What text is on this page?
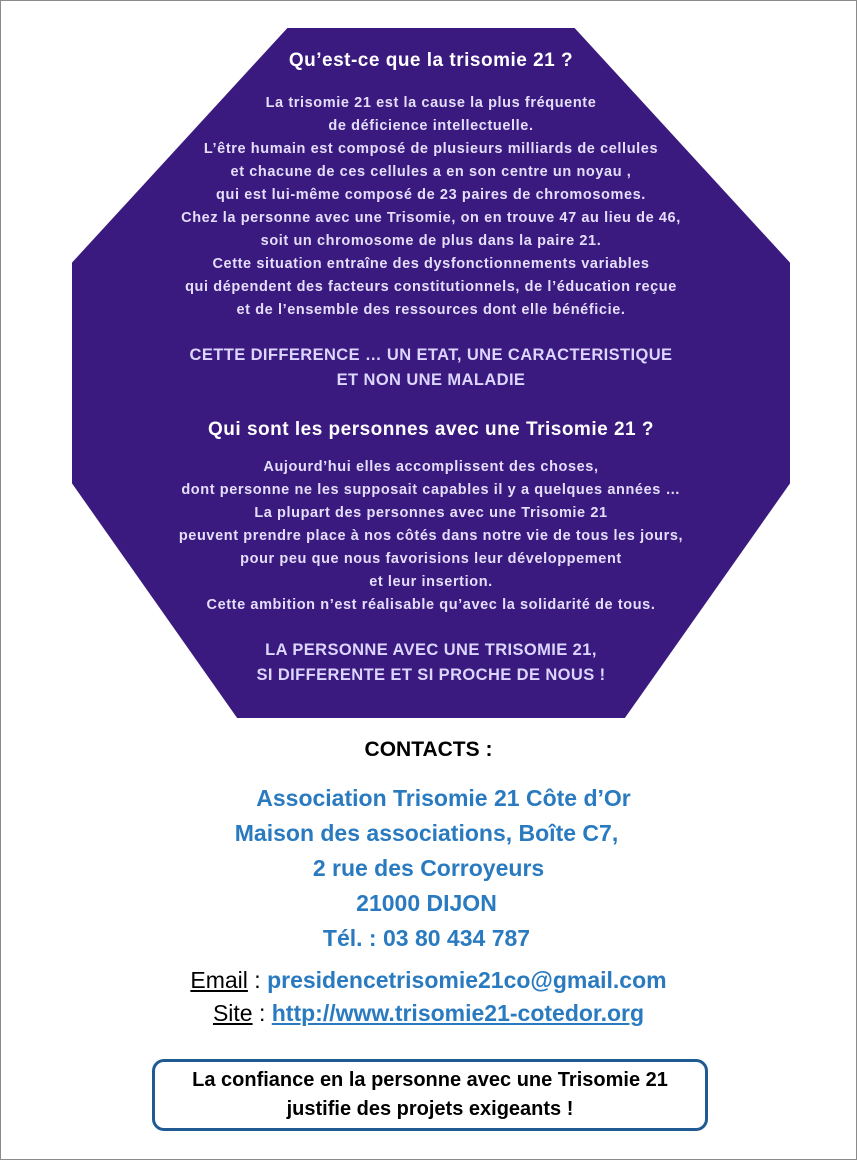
Qu’est-ce que la trisomie 21 ?
La trisomie 21 est la cause la plus fréquente
de déficience intellectuelle.
L’être humain est composé de plusieurs milliards de cellules
et chacune de ces cellules a en son centre un noyau ,
qui est lui-même composé de 23 paires de chromosomes.
Chez la personne avec une Trisomie, on en trouve 47 au lieu de 46,
soit un chromosome de plus dans la paire 21.
Cette situation entraîne des dysfonctionnements variables
qui dépendent des facteurs constitutionnels, de l’éducation reçue
et de l’ensemble des ressources dont elle bénéficie.
CETTE DIFFERENCE … UN ETAT, UNE CARACTERISTIQUE
ET NON UNE MALADIE
Qui sont les personnes avec une Trisomie 21 ?
Aujourd’hui elles accomplissent des choses,
dont personne ne les supposait capables il y a quelques années …
La plupart des personnes avec une Trisomie 21
peuvent prendre place à nos côtés dans notre vie de tous les jours,
pour peu que nous favorisions leur développement
et leur insertion.
Cette ambition n’est réalisable qu’avec la solidarité de tous.
LA PERSONNE AVEC UNE TRISOMIE 21,
SI DIFFERENTE ET SI PROCHE DE NOUS !
CONTACTS :
Association Trisomie 21 Côte d’Or
Maison des associations, Boîte C7,
2 rue des Corroyeurs
21000 DIJON
Tél. : 03 80 434 787
Email : presidencetrisomie21co@gmail.com
Site : http://www.trisomie21-cotedor.org
La confiance en la personne avec une Trisomie 21
justifie des projets exigeants !
